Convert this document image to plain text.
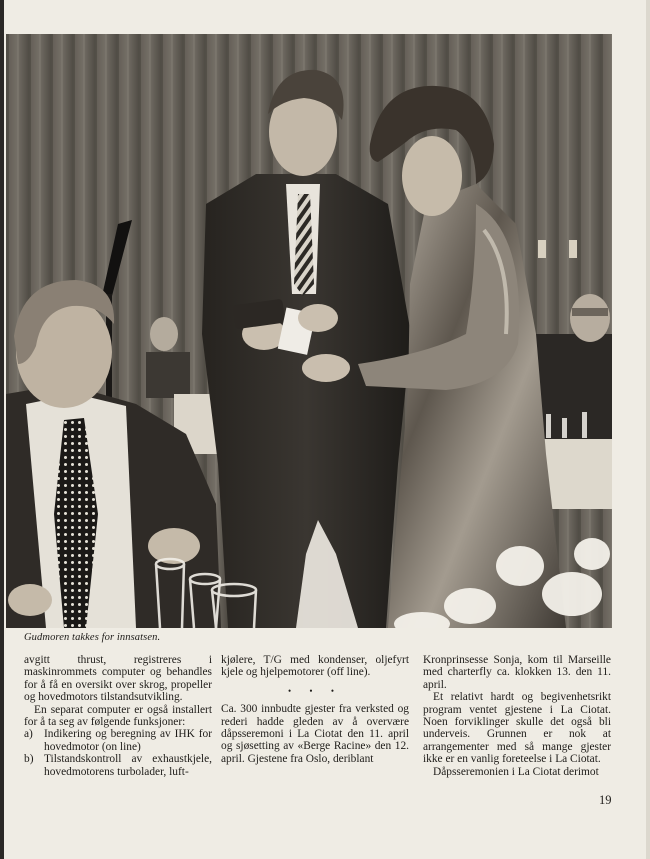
Gudmoren takkes for innsatsen.

avgitt thrust, registreres i maskinrommets computer og behandles for å få en oversikt over skrog, propeller og hovedmotors tilstandsutvikling.

En separat computer er også installert for å ta seg av følgende funksjoner:

a) Indikering og beregning av IHK for hovedmotor (on line)
b) Tilstandskontroll av exhaustkjele, hovedmotorens turbolader, luft-

kjølere, T/G med kondenser, oljefyrt kjele og hjelpemotorer (off line).

• • •

Ca. 300 innbudte gjester fra verksted og rederi hadde gleden av å overvære dåpsseremoni i La Ciotat den 11. april og sjøsetting av «Berge Racine» den 12. april. Gjestene fra Oslo, deriblant

Kronprinsesse Sonja, kom til Marseille med charterfly ca. klokken 13. den 11. april.

Et relativt hardt og begivenhetsrikt program ventet gjestene i La Ciotat. Noen forviklinger skulle det også bli underveis. Grunnen er nok at arrangementer med så mange gjester ikke er en vanlig foreteelse i La Ciotat.

Dåpsseremonien i La Ciotat derimot

19
